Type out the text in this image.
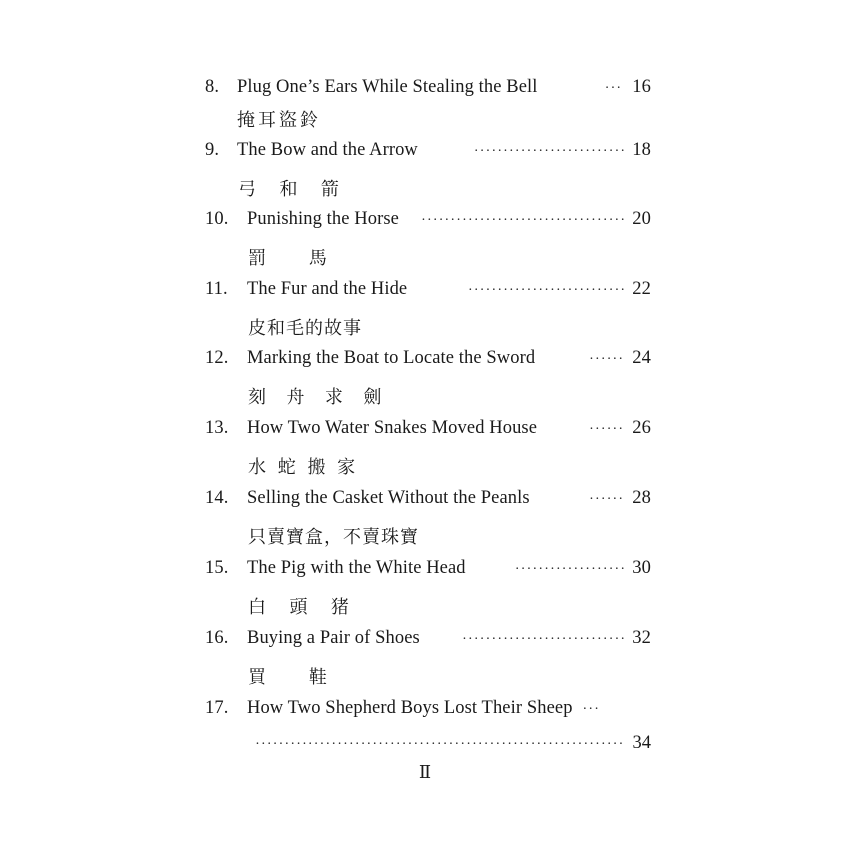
8. Plug One’s Ears While Stealing the Bell	··· 16
掩耳盜鈴
9. The Bow and the Arrow	·························· 18
弓  和  箭
10.	Punishing the Horse	··································· 20
罰    馬
11.	The Fur and the Hide	··························· 22
皮和毛的故事
12.	Marking the Boat to Locate the Sword	······ 24
刻  舟  求  劍
13.	How Two Water Snakes Moved House	······ 26
水 蛇 搬 家
14.	Selling the Casket Without the Peanls	······ 28
只賣寶盒，不賣珠寶
15.	The Pig with the White Head	··················· 30
白  頭  猪
16.	Buying a Pair of Shoes	···························· 32
買    鞋
17.	How Two Shepherd Boys Lost Their Sheep ···
······························································· 34
Ⅱ
